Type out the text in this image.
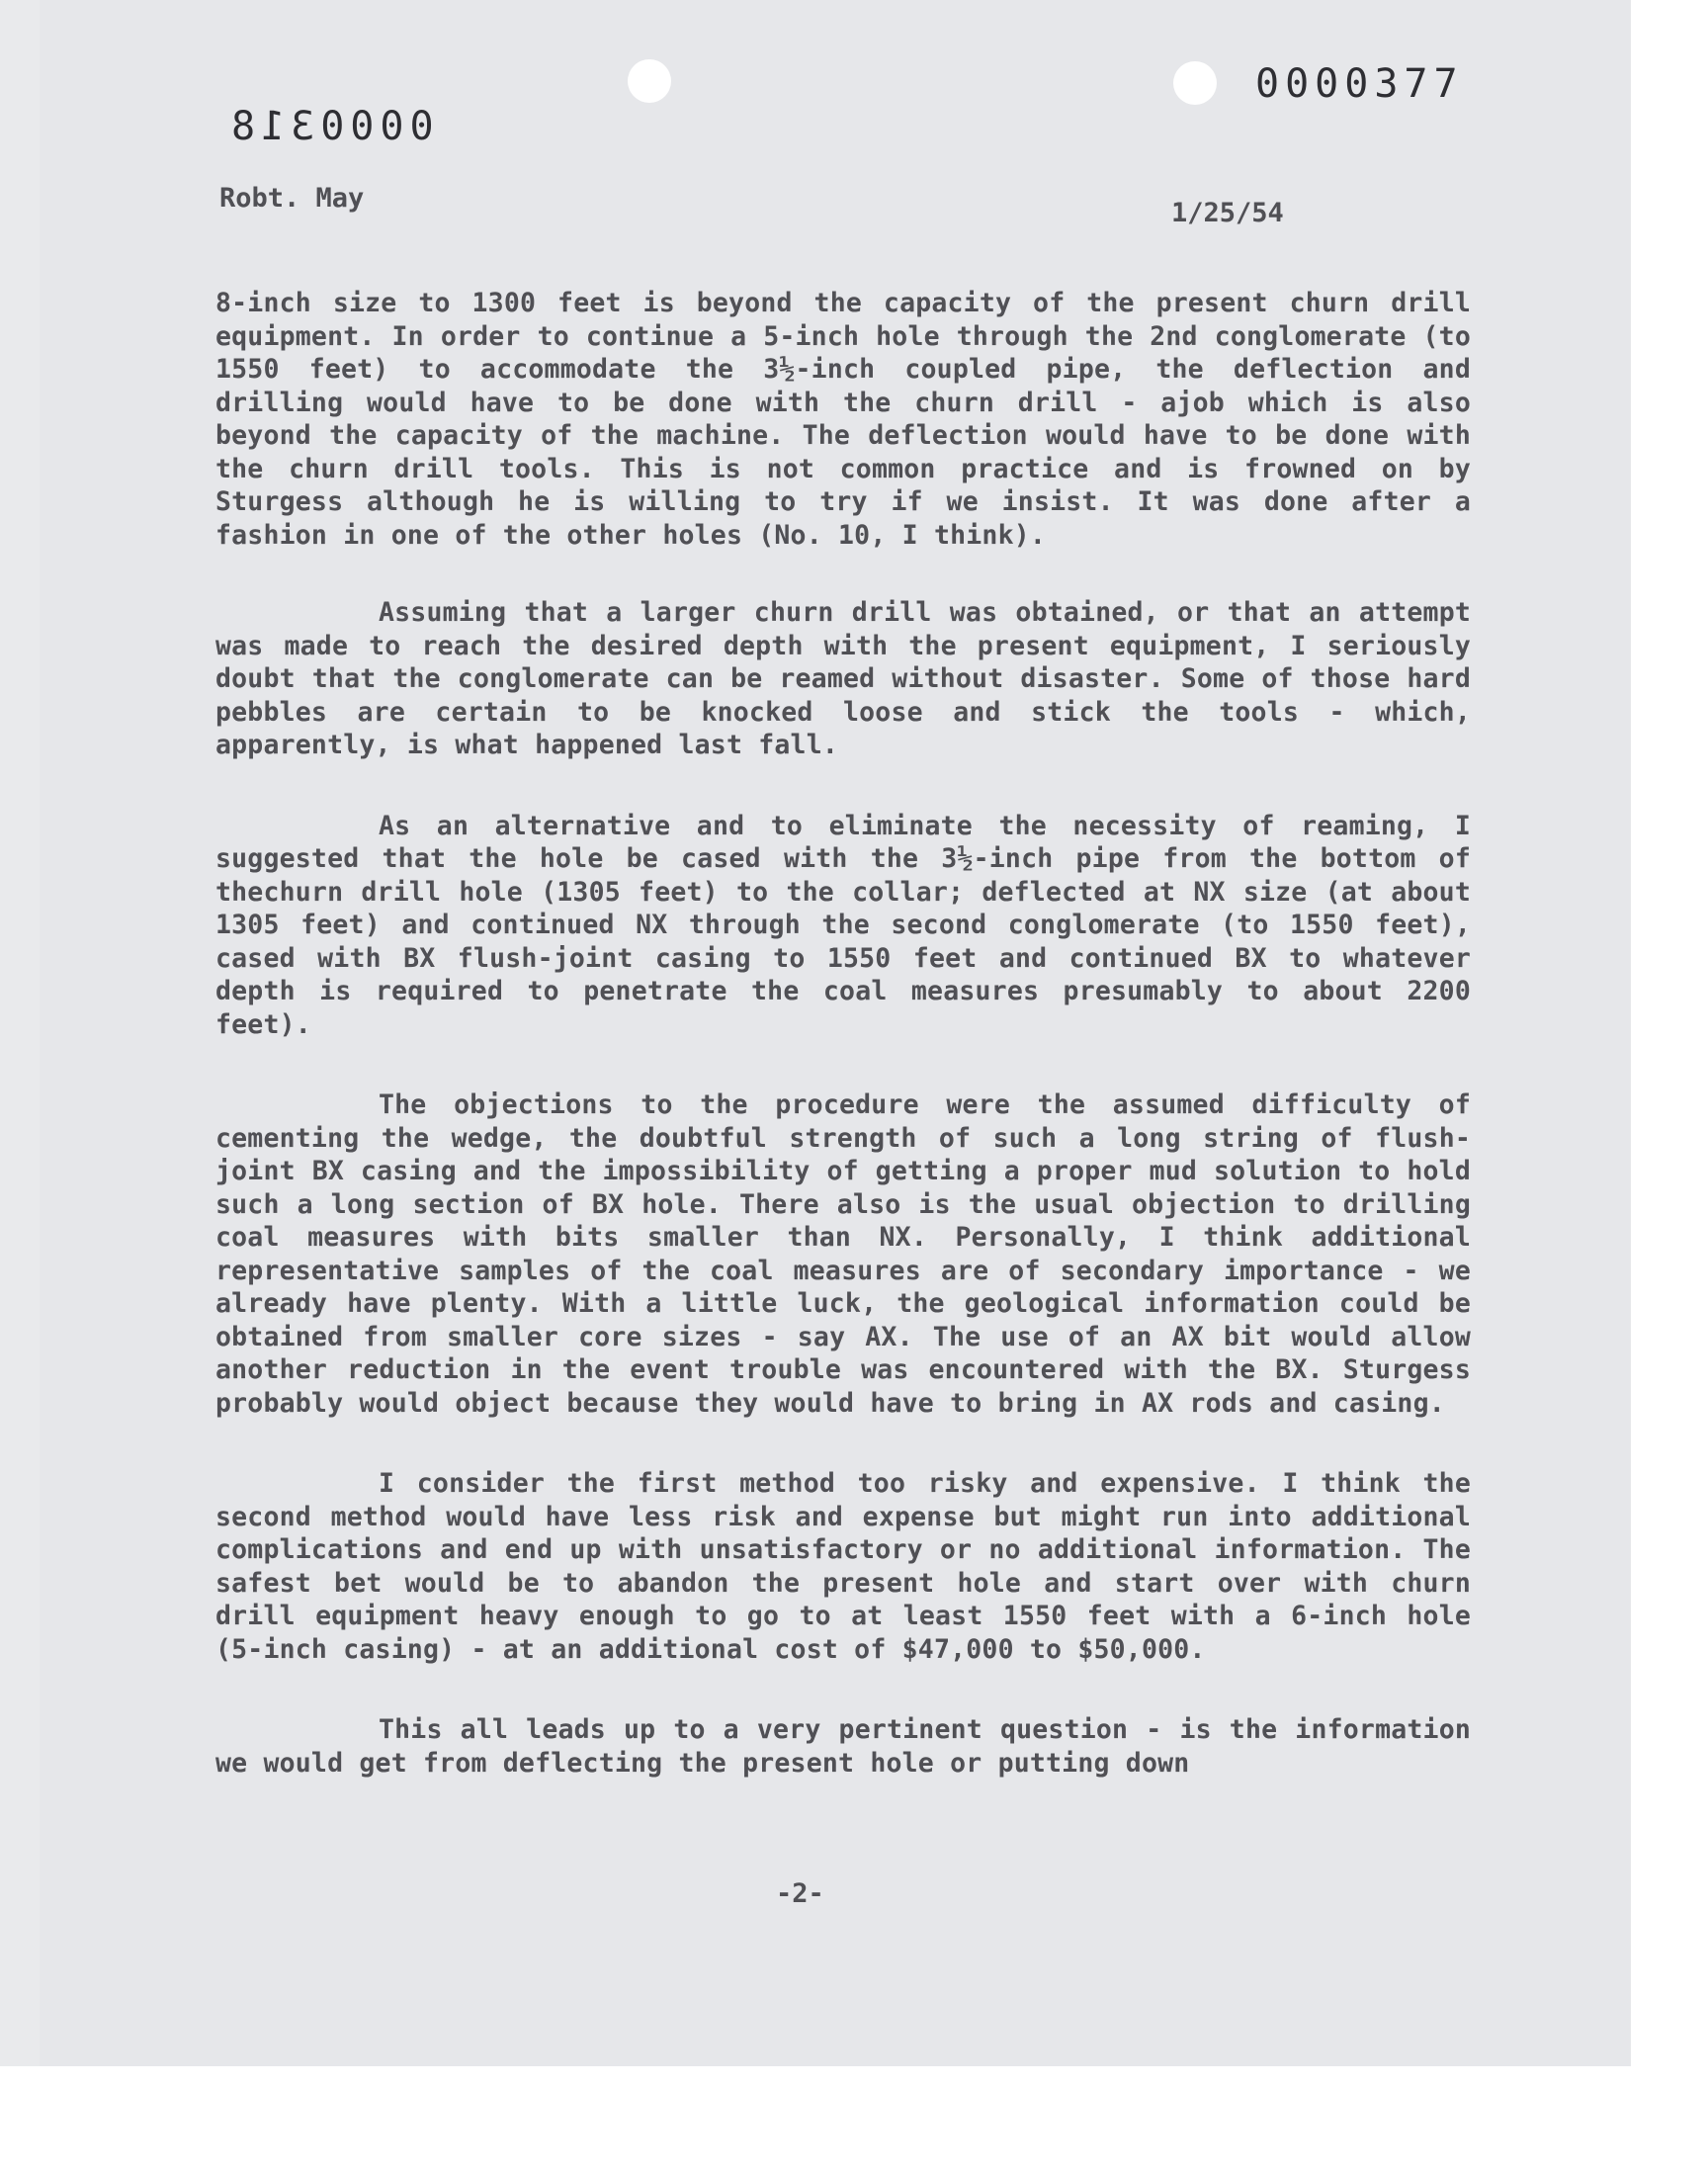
0000318
0000377
Robt. May	1/25/54

8-inch size to 1300 feet is beyond the capacity of the present churn drill equipment. In order to continue a 5-inch hole through the 2nd conglomerate (to 1550 feet) to accommodate the 3½-inch coupled pipe, the deflection and drilling would have to be done with the churn drill - ajob which is also beyond the capacity of the machine. The deflection would have to be done with the churn drill tools. This is not common practice and is frowned on by Sturgess although he is willing to try if we insist. It was done after a fashion in one of the other holes (No. 10, I think).

Assuming that a larger churn drill was obtained, or that an attempt was made to reach the desired depth with the present equipment, I seriously doubt that the conglomerate can be reamed without disaster. Some of those hard pebbles are certain to be knocked loose and stick the tools - which, apparently, is what happened last fall.

As an alternative and to eliminate the necessity of reaming, I suggested that the hole be cased with the 3½-inch pipe from the bottom of thechurn drill hole (1305 feet) to the collar; deflected at NX size (at about 1305 feet) and continued NX through the second conglomerate (to 1550 feet), cased with BX flush-joint casing to 1550 feet and continued BX to whatever depth is required to penetrate the coal measures presumably to about 2200 feet).

The objections to the procedure were the assumed difficulty of cementing the wedge, the doubtful strength of such a long string of flush-joint BX casing and the impossibility of getting a proper mud solution to hold such a long section of BX hole. There also is the usual objection to drilling coal measures with bits smaller than NX. Personally, I think additional representative samples of the coal measures are of secondary importance - we already have plenty. With a little luck, the geological information could be obtained from smaller core sizes - say AX. The use of an AX bit would allow another reduction in the event trouble was encountered with the BX. Sturgess probably would object because they would have to bring in AX rods and casing.

I consider the first method too risky and expensive. I think the second method would have less risk and expense but might run into additional complications and end up with unsatisfactory or no additional information. The safest bet would be to abandon the present hole and start over with churn drill equipment heavy enough to go to at least 1550 feet with a 6-inch hole (5-inch casing) - at an additional cost of $47,000 to $50,000.

This all leads up to a very pertinent question - is the information we would get from deflecting the present hole or putting down

-2-
